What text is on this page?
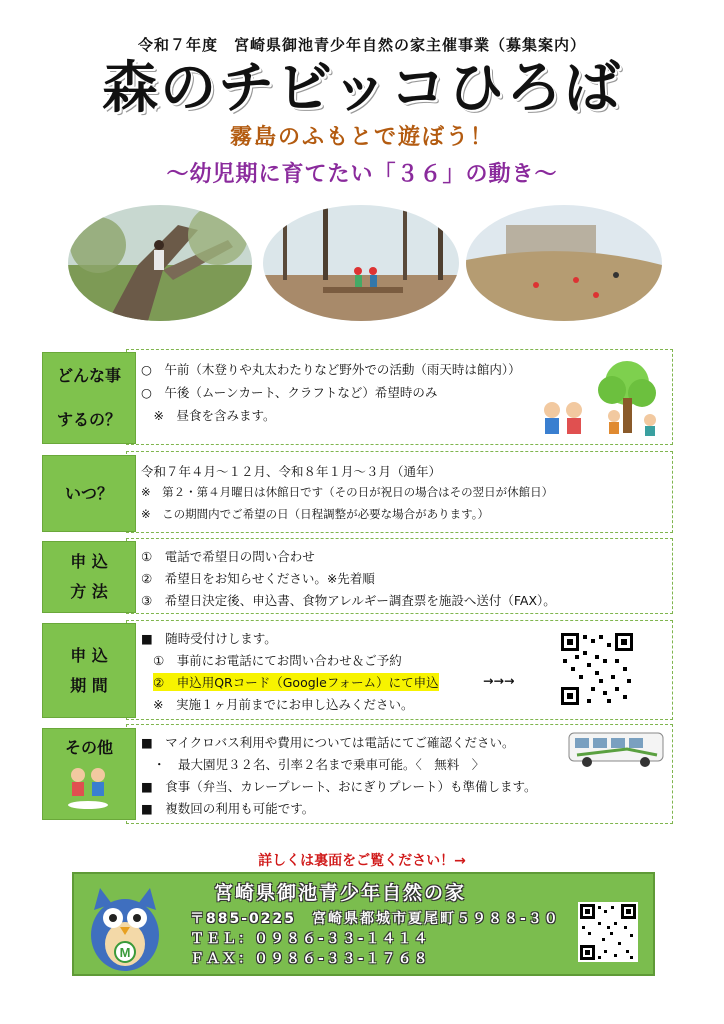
令和７年度　宮崎県御池青少年自然の家主催事業（募集案内）
森のチビッコひろば
霧島のふもとで遊ぼう！
～幼児期に育てたい「３６」の動き～
○　午前（木登りや丸太わたりなど野外での活動（雨天時は館内））
○　午後（ムーンカート、クラフトなど）希望時のみ
　※　昼食を含みます。
どんな事
するの？
令和７年４月～１２月、令和８年１月～３月（通年）
※　第２・第４月曜日は休館日です（その日が祝日の場合はその翌日が休館日）
※　この期間内でご希望の日（日程調整が必要な場合があります。）
いつ？
①　電話で希望日の問い合わせ
②　希望日をお知らせください。※先着順
③　希望日決定後、申込書、食物アレルギー調査票を施設へ送付（FAX）。
申 込
方 法
■　随時受付けします。
①　事前にお電話にてお問い合わせ＆ご予約
②　申込用QRコード（Googleフォーム）にて申込	→→→
※　実施１ヶ月前までにお申し込みください。
申 込
期 間
■　マイクロバス利用や費用については電話にてご確認ください。
・　最大園児３２名、引率２名まで乗車可能。〈　無料　〉
■　食事（弁当、カレープレート、おにぎりプレート）も準備します。
■　複数回の利用も可能です。
その他
詳しくは裏面をご覧ください！→
M
宮崎県御池青少年自然の家
〒885-0225　宮崎県都城市夏尾町５９８８-３０
ＴＥＬ：０９８６-３３-１４１４
ＦＡＸ：０９８６-３３-１７６８
